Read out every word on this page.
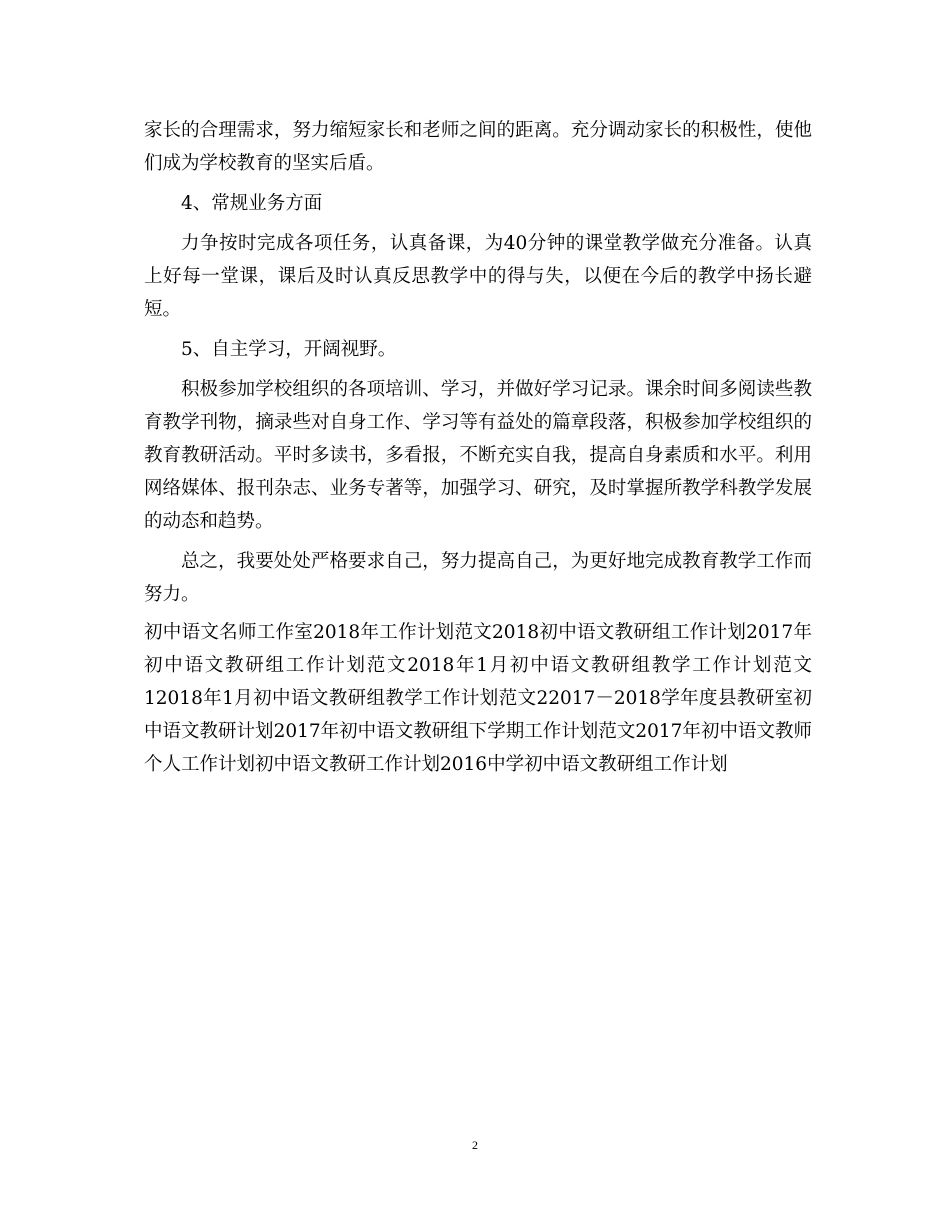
家长的合理需求，努力缩短家长和老师之间的距离。充分调动家长的积极性，使他们成为学校教育的坚实后盾。

4、常规业务方面

力争按时完成各项任务，认真备课，为40分钟的课堂教学做充分准备。认真上好每一堂课，课后及时认真反思教学中的得与失，以便在今后的教学中扬长避短。

5、自主学习，开阔视野。

积极参加学校组织的各项培训、学习，并做好学习记录。课余时间多阅读些教育教学刊物，摘录些对自身工作、学习等有益处的篇章段落，积极参加学校组织的教育教研活动。平时多读书，多看报，不断充实自我，提高自身素质和水平。利用网络媒体、报刊杂志、业务专著等，加强学习、研究，及时掌握所教学科教学发展的动态和趋势。

总之，我要处处严格要求自己，努力提高自己，为更好地完成教育教学工作而努力。

初中语文名师工作室2018年工作计划范文2018初中语文教研组工作计划2017年初中语文教研组工作计划范文2018年1月初中语文教研组教学工作计划范文12018年1月初中语文教研组教学工作计划范文22017－2018学年度县教研室初中语文教研计划2017年初中语文教研组下学期工作计划范文2017年初中语文教师个人工作计划初中语文教研工作计划2016中学初中语文教研组工作计划

2
